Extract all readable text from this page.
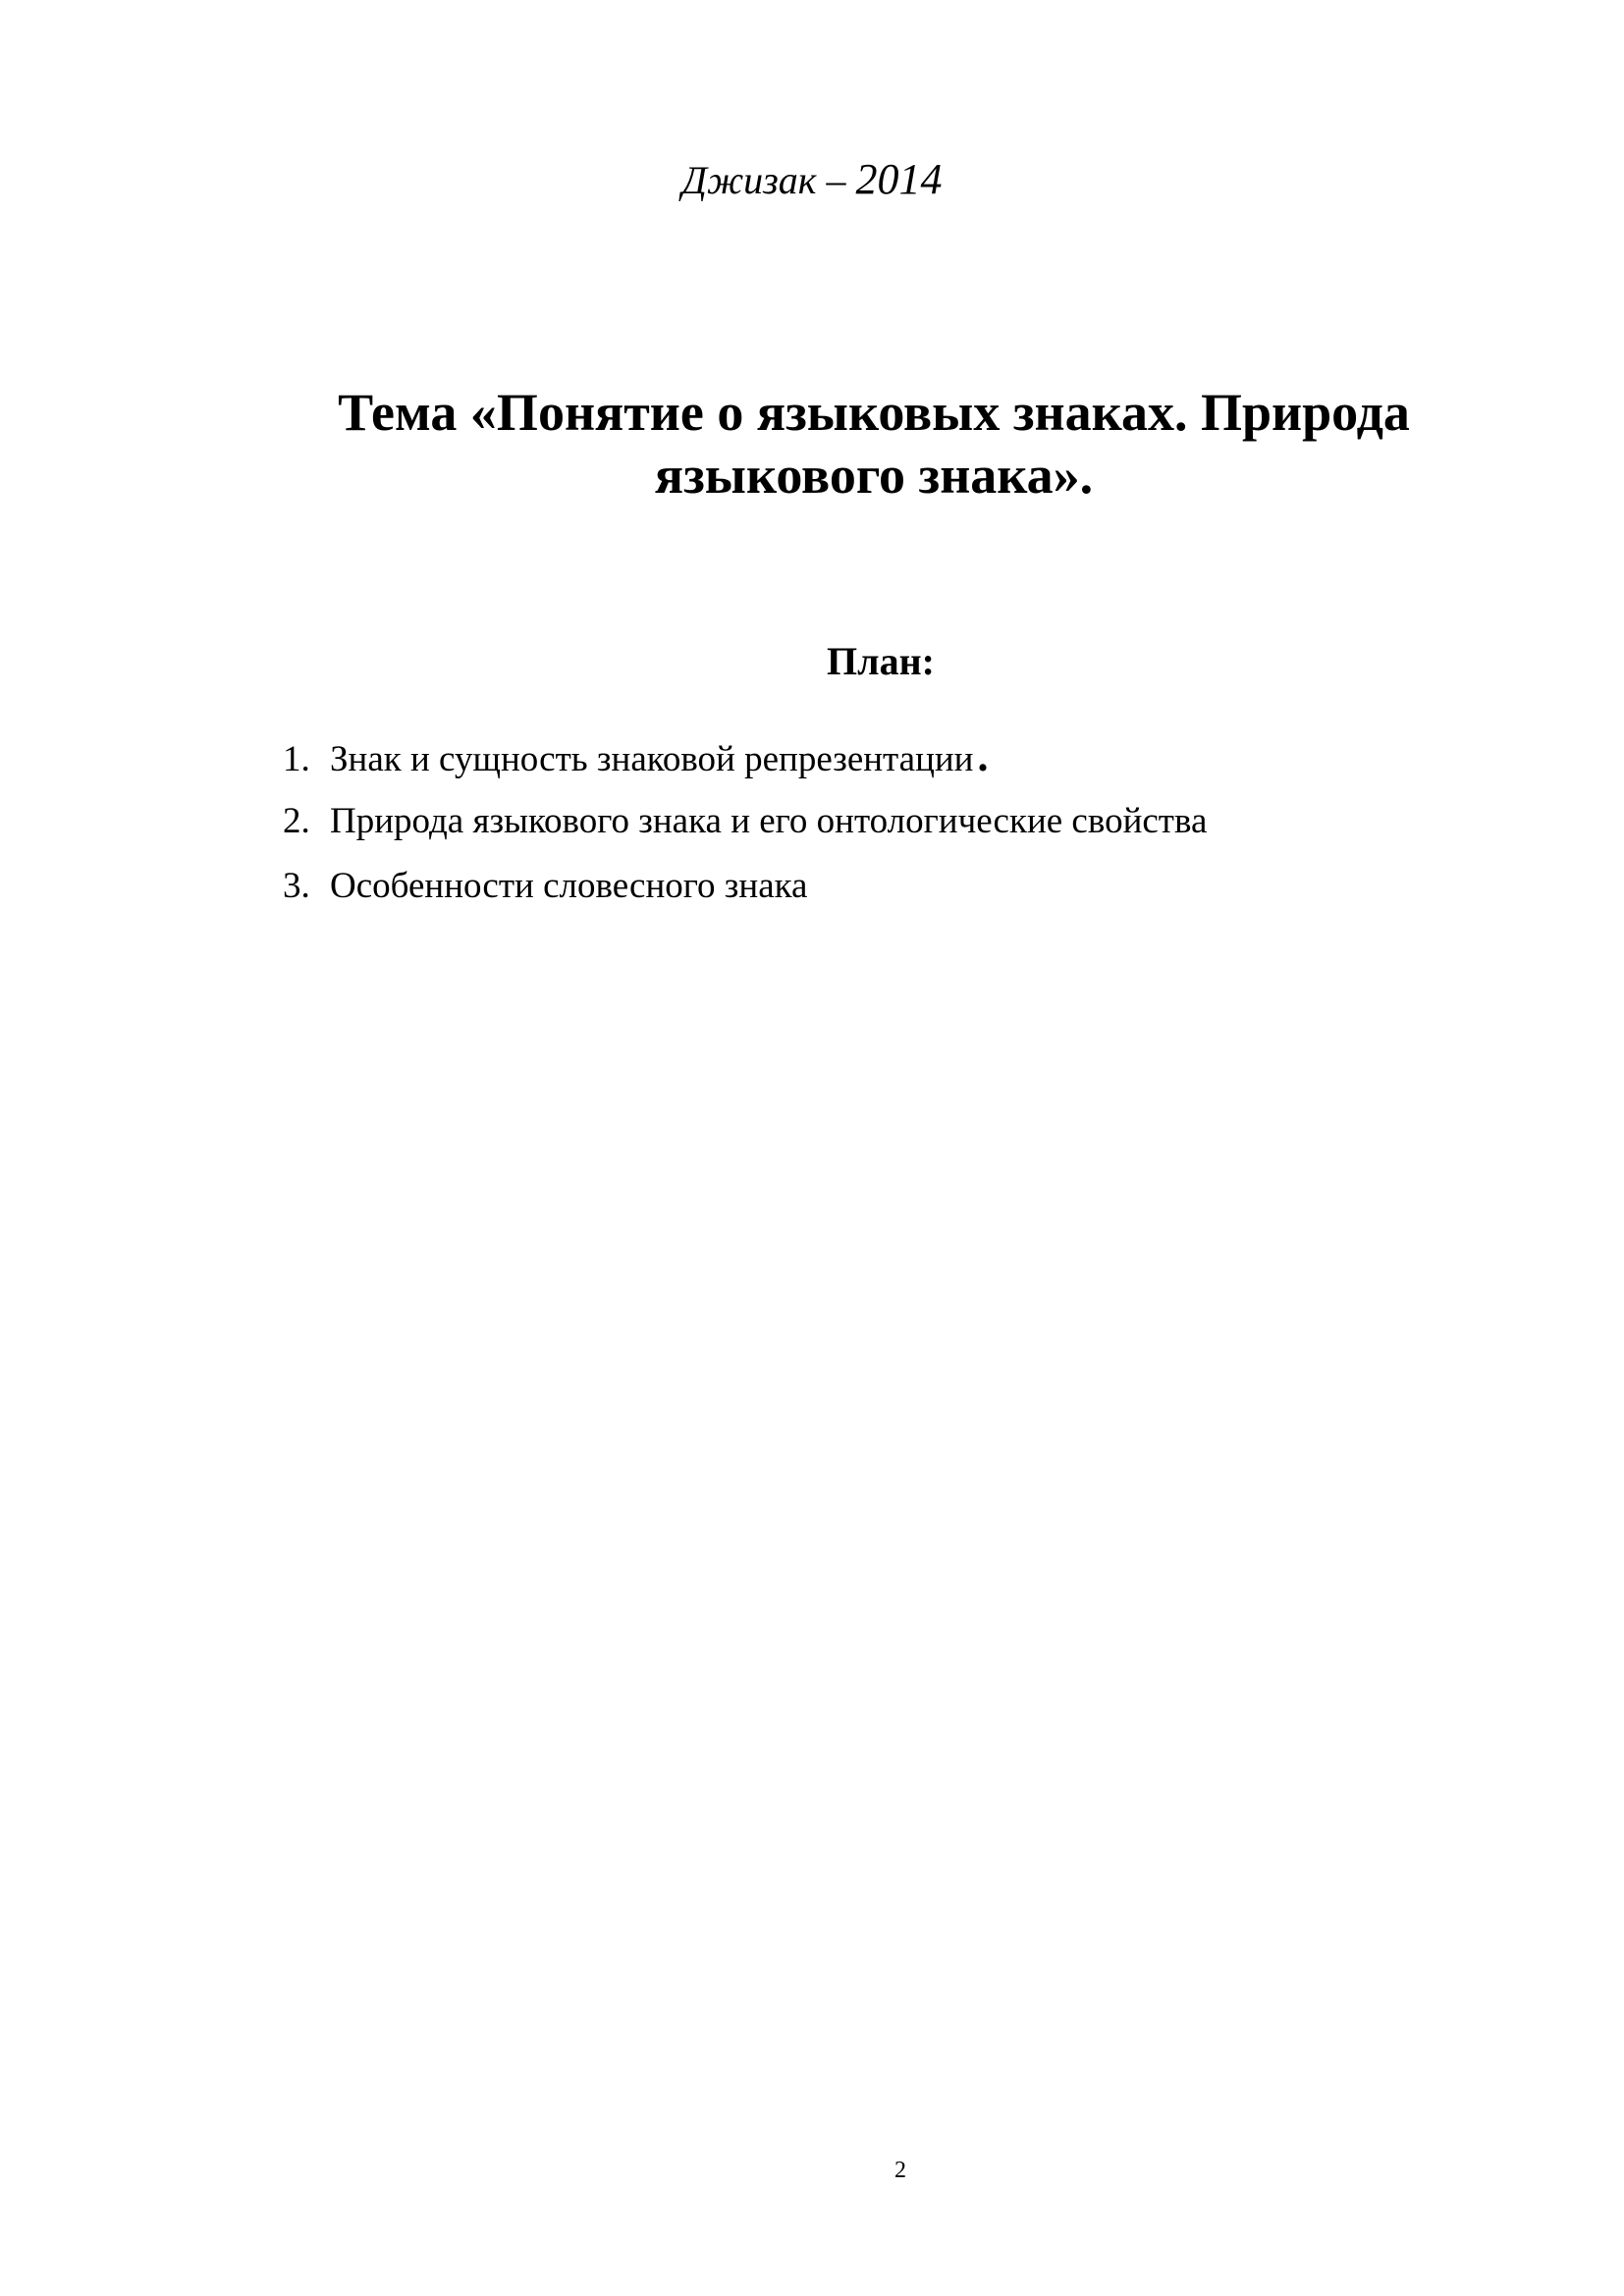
Джизак – 2014
Тема «Понятие о языковых знаках. Природа
языкового знака».
План:
1. Знак и сущность знаковой репрезентации.
2. Природа языкового знака и его онтологические свойства
3. Особенности словесного знака
2
